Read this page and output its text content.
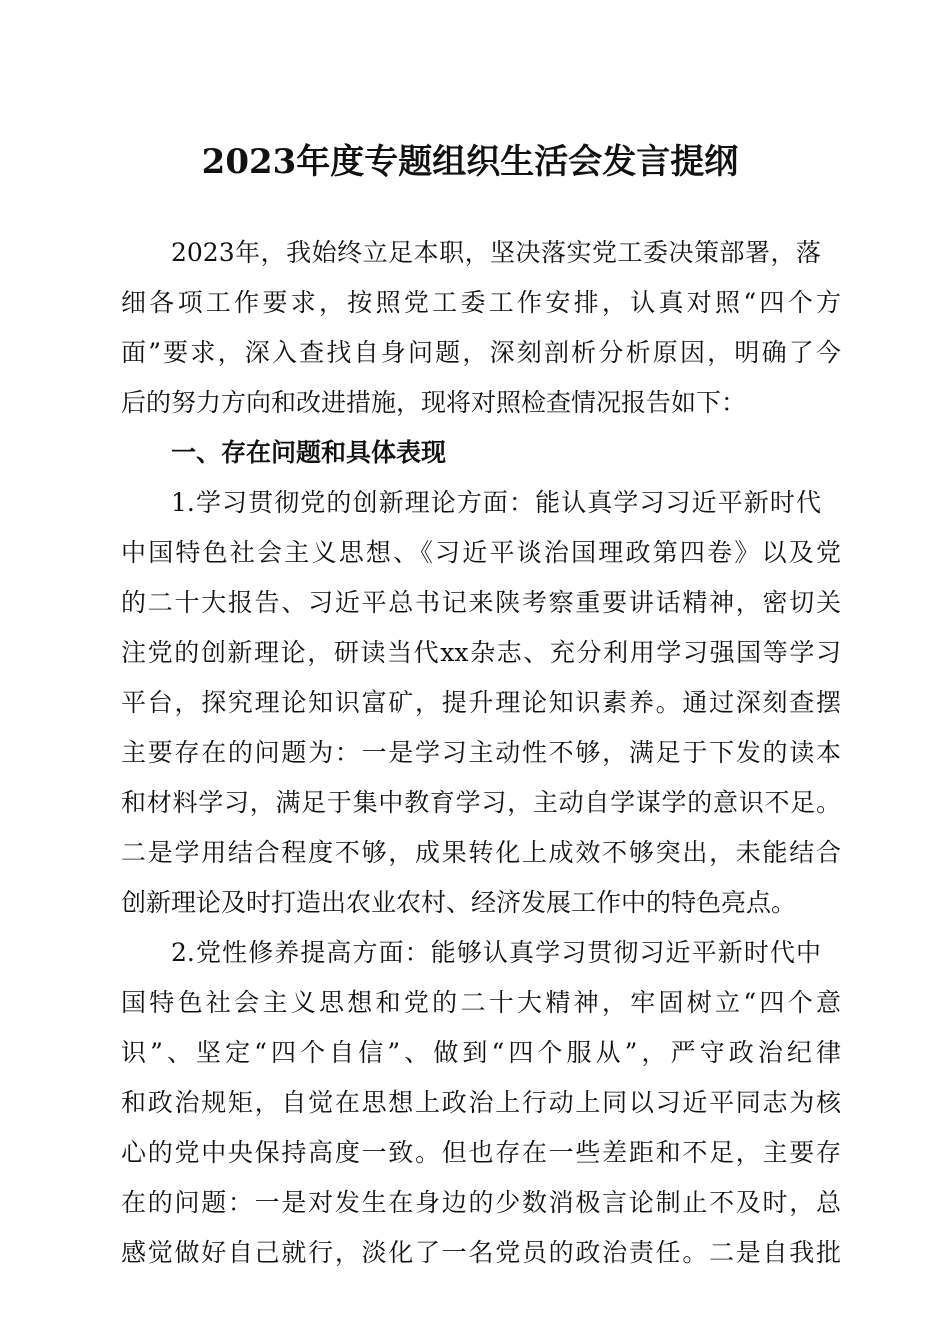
2023年度专题组织生活会发言提纲
2023年，我始终立足本职，坚决落实党工委决策部署，落
细各项工作要求，按照党工委工作安排，认真对照“四个方
面”要求，深入查找自身问题，深刻剖析分析原因，明确了今
后的努力方向和改进措施，现将对照检查情况报告如下：
一、存在问题和具体表现
1.学习贯彻党的创新理论方面：能认真学习习近平新时代
中国特色社会主义思想、《习近平谈治国理政第四卷》以及党
的二十大报告、习近平总书记来陕考察重要讲话精神，密切关
注党的创新理论，研读当代xx杂志、充分利用学习强国等学习
平台，探究理论知识富矿，提升理论知识素养。通过深刻查摆
主要存在的问题为：一是学习主动性不够，满足于下发的读本
和材料学习，满足于集中教育学习，主动自学谋学的意识不足。
二是学用结合程度不够，成果转化上成效不够突出，未能结合
创新理论及时打造出农业农村、经济发展工作中的特色亮点。
2.党性修养提高方面：能够认真学习贯彻习近平新时代中
国特色社会主义思想和党的二十大精神，牢固树立“四个意
识”、坚定“四个自信”、做到“四个服从”，严守政治纪律
和政治规矩，自觉在思想上政治上行动上同以习近平同志为核
心的党中央保持高度一致。但也存在一些差距和不足，主要存
在的问题：一是对发生在身边的少数消极言论制止不及时，总
感觉做好自己就行，淡化了一名党员的政治责任。二是自我批
